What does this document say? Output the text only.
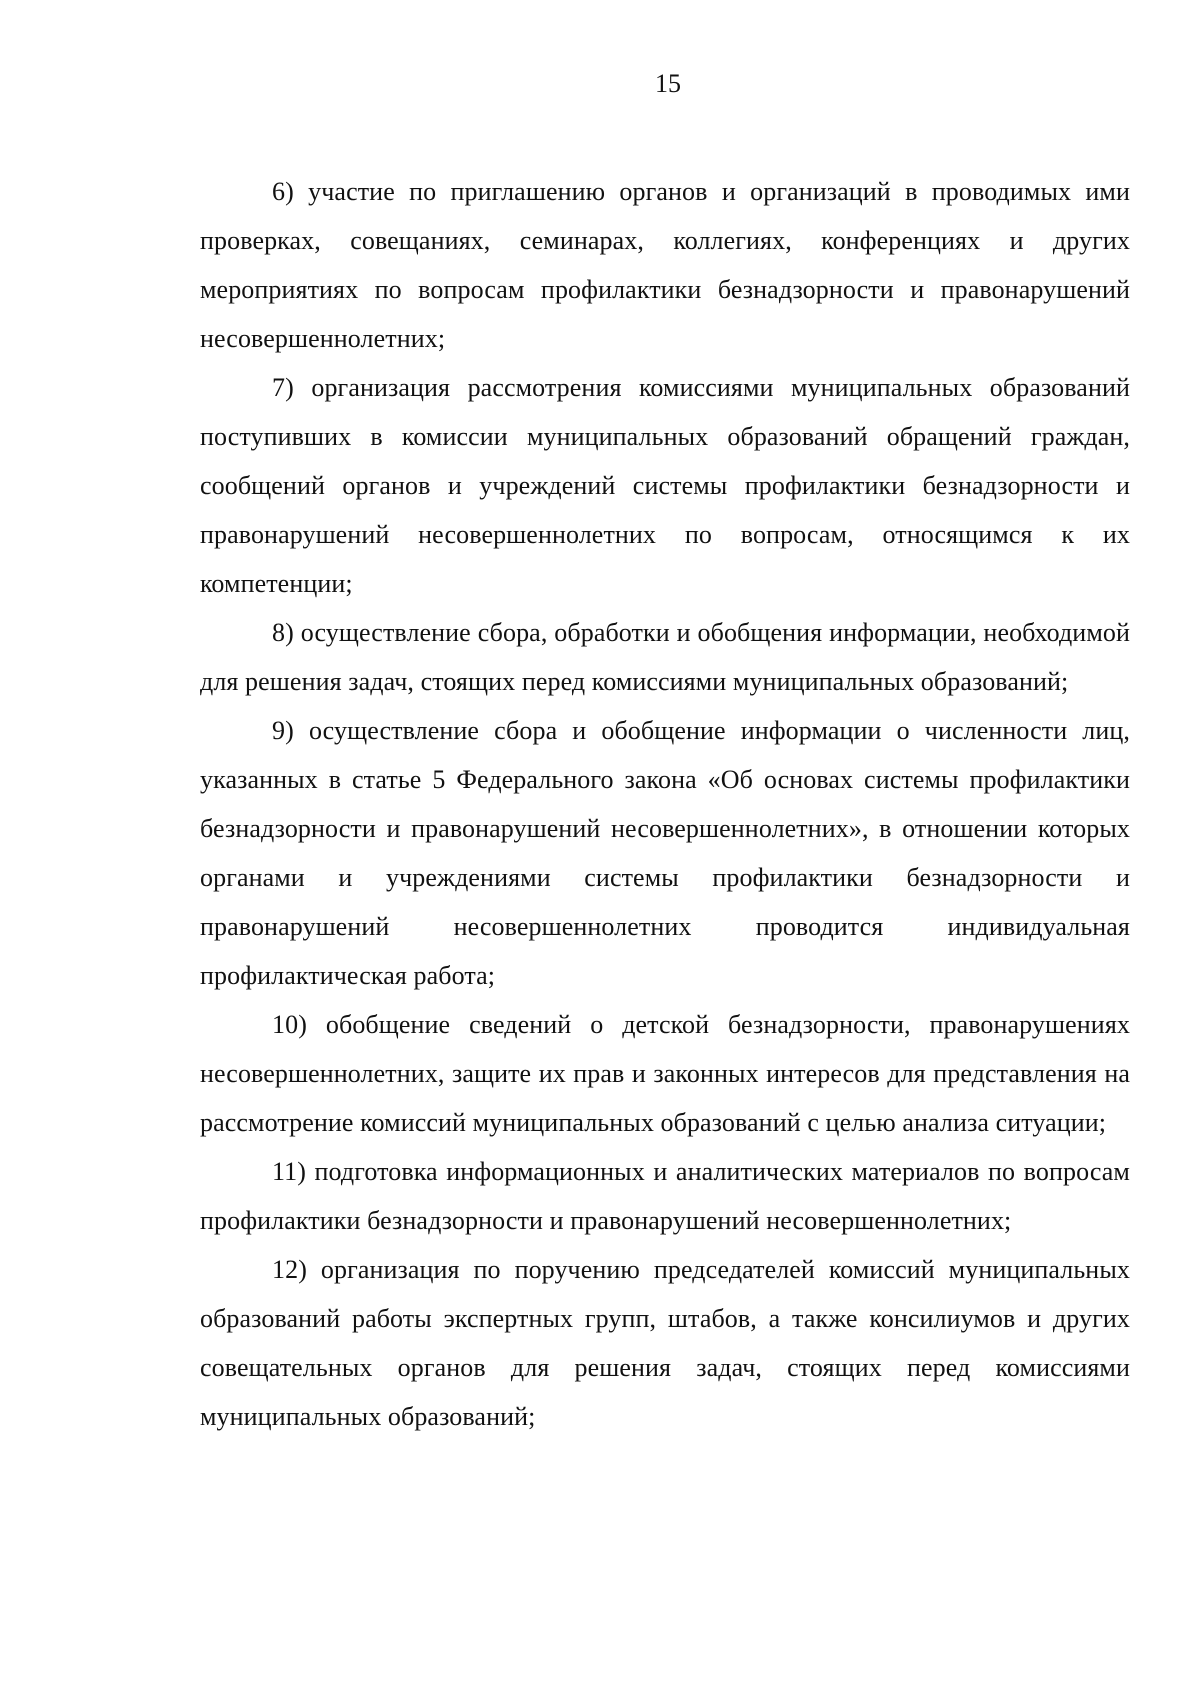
15

6) участие по приглашению органов и организаций в проводимых ими проверках, совещаниях, семинарах, коллегиях, конференциях и других мероприятиях по вопросам профилактики безнадзорности и правонарушений несовершеннолетних;

7) организация рассмотрения комиссиями муниципальных образований поступивших в комиссии муниципальных образований обращений граждан, сообщений органов и учреждений системы профилактики безнадзорности и правонарушений несовершеннолетних по вопросам, относящимся к их компетенции;

8) осуществление сбора, обработки и обобщения информации, необходимой для решения задач, стоящих перед комиссиями муниципальных образований;

9) осуществление сбора и обобщение информации о численности лиц, указанных в статье 5 Федерального закона «Об основах системы профилактики безнадзорности и правонарушений несовершеннолетних», в отношении которых органами и учреждениями системы профилактики безнадзорности и правонарушений несовершеннолетних проводится индивидуальная профилактическая работа;

10) обобщение сведений о детской безнадзорности, правонарушениях несовершеннолетних, защите их прав и законных интересов для представления на рассмотрение комиссий муниципальных образований с целью анализа ситуации;

11) подготовка информационных и аналитических материалов по вопросам профилактики безнадзорности и правонарушений несовершеннолетних;

12) организация по поручению председателей комиссий муниципальных образований работы экспертных групп, штабов, а также консилиумов и других совещательных органов для решения задач, стоящих перед комиссиями муниципальных образований;
